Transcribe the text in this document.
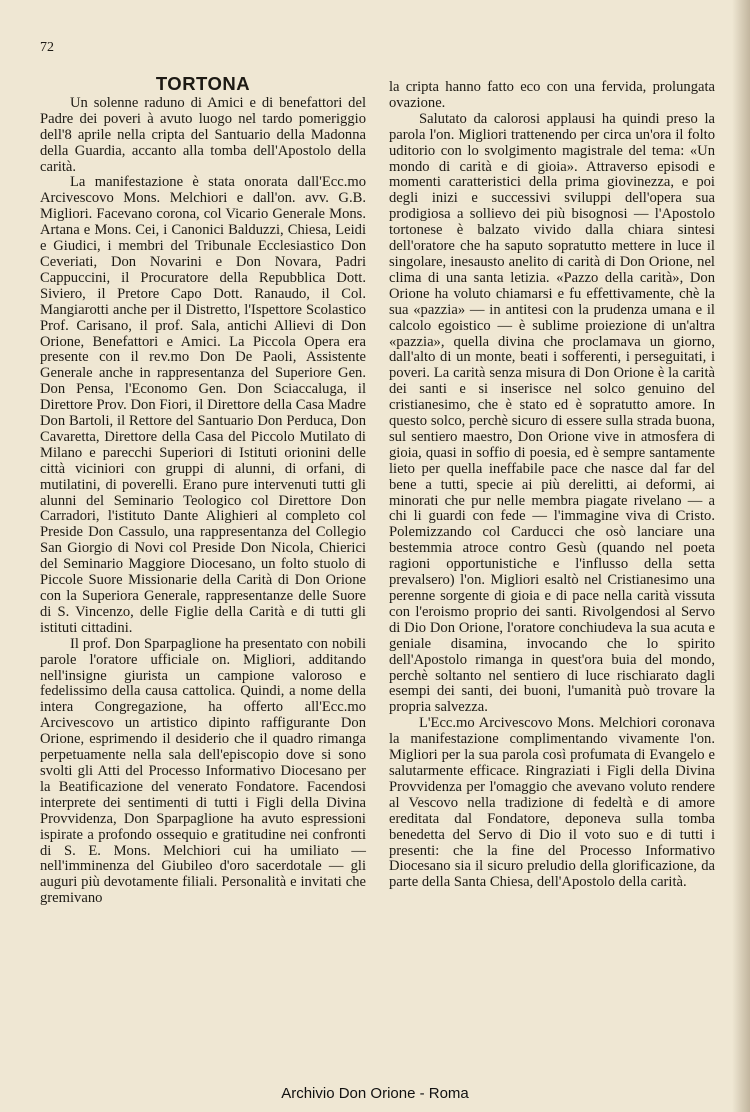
72
TORTONA

Un solenne raduno di Amici e di benefattori del Padre dei poveri à avuto luogo nel tardo pomeriggio dell'8 aprile nella cripta del Santuario della Madonna della Guardia, accanto alla tomba dell'Apostolo della carità.

La manifestazione è stata onorata dall'Ecc.mo Arcivescovo Mons. Melchiori e dall'on. avv. G.B. Migliori. Facevano corona, col Vicario Generale Mons. Artana e Mons. Cei, i Canonici Balduzzi, Chiesa, Leidi e Giudici, i membri del Tribunale Ecclesiastico Don Ceveriati, Don Novarini e Don Novara, Padri Cappuccini, il Procuratore della Repubblica Dott. Siviero, il Pretore Capo Dott. Ranaudo, il Col. Mangiarotti anche per il Distretto, l'Ispettore Scolastico Prof. Carisano, il prof. Sala, antichi Allievi di Don Orione, Benefattori e Amici. La Piccola Opera era presente con il rev.mo Don De Paoli, Assistente Generale anche in rappresentanza del Superiore Gen. Don Pensa, l'Economo Gen. Don Sciaccaluga, il Direttore Prov. Don Fiori, il Direttore della Casa Madre Don Bartoli, il Rettore del Santuario Don Perduca, Don Cavaretta, Direttore della Casa del Piccolo Mutilato di Milano e parecchi Superiori di Istituti orionini delle città viciniori con gruppi di alunni, di orfani, di mutilatini, di poverelli. Erano pure intervenuti tutti gli alunni del Seminario Teologico col Direttore Don Carradori, l'istituto Dante Alighieri al completo col Preside Don Cassulo, una rappresentanza del Collegio San Giorgio di Novi col Preside Don Nicola, Chierici del Seminario Maggiore Diocesano, un folto stuolo di Piccole Suore Missionarie della Carità di Don Orione con la Superiora Generale, rappresentanze delle Suore di S. Vincenzo, delle Figlie della Carità e di tutti gli istituti cittadini.

Il prof. Don Sparpaglione ha presentato con nobili parole l'oratore ufficiale on. Migliori, additando nell'insigne giurista un campione valoroso e fedelissimo della causa cattolica. Quindi, a nome della intera Congregazione, ha offerto all'Ecc.mo Arcivescovo un artistico dipinto raffigurante Don Orione, esprimendo il desiderio che il quadro rimanga perpetuamente nella sala dell'episcopio dove si sono svolti gli Atti del Processo Informativo Diocesano per la Beatificazione del venerato Fondatore. Facendosi interprete dei sentimenti di tutti i Figli della Divina Provvidenza, Don Sparpaglione ha avuto espressioni ispirate a profondo ossequio e gratitudine nei confronti di S. E. Mons. Melchiori cui ha umiliato — nell'imminenza del Giubileo d'oro sacerdotale — gli auguri più devotamente filiali. Personalità e invitati che gremivano

la cripta hanno fatto eco con una fervida, prolungata ovazione.

Salutato da calorosi applausi ha quindi preso la parola l'on. Migliori trattenendo per circa un'ora il folto uditorio con lo svolgimento magistrale del tema: «Un mondo di carità e di gioia». Attraverso episodi e momenti caratteristici della prima giovinezza, e poi degli inizi e successivi sviluppi dell'opera sua prodigiosa a sollievo dei più bisognosi — l'Apostolo tortonese è balzato vivido dalla chiara sintesi dell'oratore che ha saputo sopratutto mettere in luce il singolare, inesausto anelito di carità di Don Orione, nel clima di una santa letizia. «Pazzo della carità», Don Orione ha voluto chiamarsi e fu effettivamente, chè la sua «pazzia» — in antitesi con la prudenza umana e il calcolo egoistico — è sublime proiezione di un'altra «pazzia», quella divina che proclamava un giorno, dall'alto di un monte, beati i sofferenti, i perseguitati, i poveri. La carità senza misura di Don Orione è la carità dei santi e si inserisce nel solco genuino del cristianesimo, che è stato ed è sopratutto amore. In questo solco, perchè sicuro di essere sulla strada buona, sul sentiero maestro, Don Orione vive in atmosfera di gioia, quasi in soffio di poesia, ed è sempre santamente lieto per quella ineffabile pace che nasce dal far del bene a tutti, specie ai più derelitti, ai deformi, ai minorati che pur nelle membra piagate rivelano — a chi li guardi con fede — l'immagine viva di Cristo. Polemizzando col Carducci che osò lanciare una bestemmia atroce contro Gesù (quando nel poeta ragioni opportunistiche e l'influsso della setta prevalsero) l'on. Migliori esaltò nel Cristianesimo una perenne sorgente di gioia e di pace nella carità vissuta con l'eroismo proprio dei santi. Rivolgendosi al Servo di Dio Don Orione, l'oratore conchiudeva la sua acuta e geniale disamina, invocando che lo spirito dell'Apostolo rimanga in quest'ora buia del mondo, perchè soltanto nel sentiero di luce rischiarato dagli esempi dei santi, dei buoni, l'umanità può trovare la propria salvezza.

L'Ecc.mo Arcivescovo Mons. Melchiori coronava la manifestazione complimentando vivamente l'on. Migliori per la sua parola così profumata di Evangelo e salutarmente efficace. Ringraziati i Figli della Divina Provvidenza per l'omaggio che avevano voluto rendere al Vescovo nella tradizione di fedeltà e di amore ereditata dal Fondatore, deponeva sulla tomba benedetta del Servo di Dio il voto suo e di tutti i presenti: che la fine del Processo Informativo Diocesano sia il sicuro preludio della glorificazione, da parte della Santa Chiesa, dell'Apostolo della carità.

Archivio Don Orione - Roma
